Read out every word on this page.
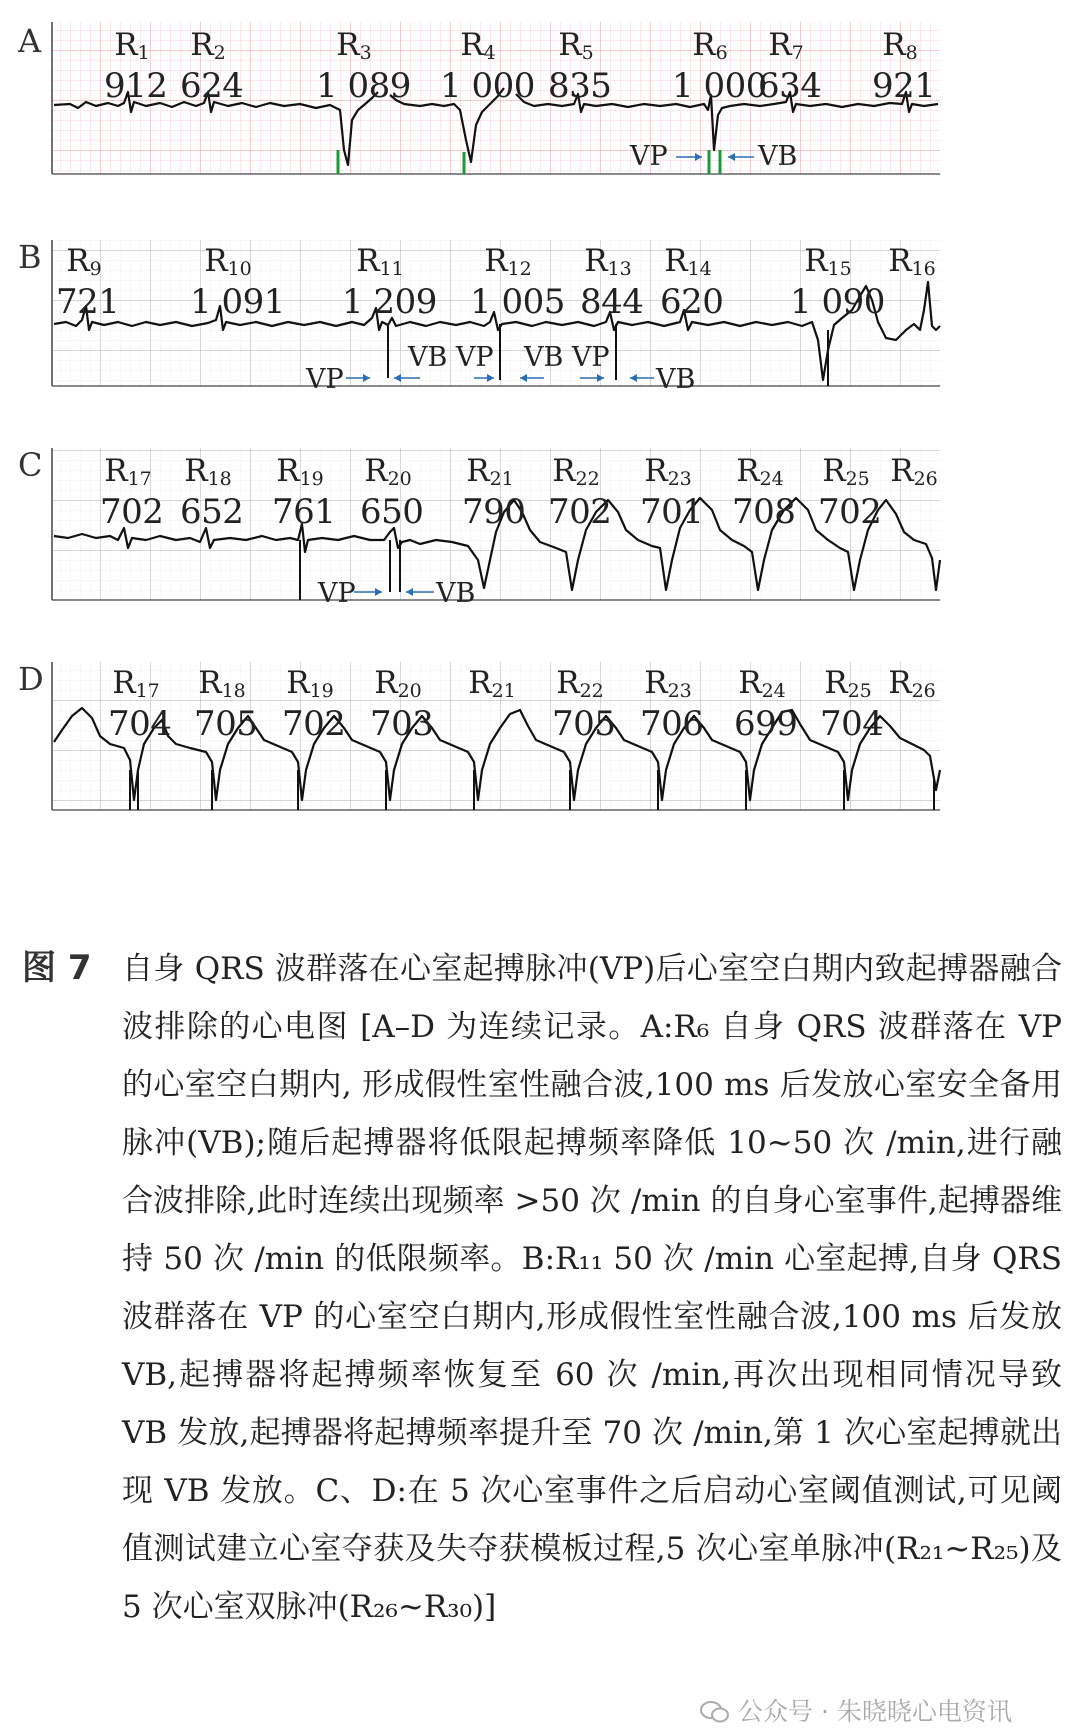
A
B
C
D
$R_1$
912
$R_2$
624
$R_3$
1 089
$R_4$
1 000
$R_5$
835
$R_6$
1 000
$R_7$
634
$R_8$
921
VP	VB
$R_9$
721
$R_{10}$
1 091
$R_{11}$
1 209
$R_{12}$
1 005
$R_{13}$
844
$R_{14}$
620
$R_{15}$
1 090
$R_{16}$
VP
VB VP VB VP
VB
$R_{17}$
702
$R_{18}$
652
$R_{19}$
761
$R_{20}$
650
$R_{21}$
790
$R_{22}$
702
$R_{23}$
701
$R_{24}$
708
$R_{25}$
702
$R_{26}$
VP	VB
$R_{17}$
704
$R_{18}$
705
$R_{19}$
702
$R_{20}$
703
$R_{21}$ $R_{22}$
705
$R_{23}$
706
$R_{24}$
699
$R_{25}$
704
$R_{26}$
图 7 自身 QRS 波群落在心室起搏脉冲(VP)后心室空白期内致起搏器融合波排除的心电图 [A–D 为连续记录。A:R₆ 自身 QRS 波群落在 VP 的心室空白期内, 形成假性室性融合波,100 ms 后发放心室安全备用脉冲(VB);随后起搏器将低限起搏频率降低 10~50 次 /min,进行融合波排除,此时连续出现频率 >50 次 /min 的自身心室事件,起搏器维持 50 次 /min 的低限频率。B:R₁₁ 50 次 /min 心室起搏,自身 QRS 波群落在 VP 的心室空白期内,形成假性室性融合波,100 ms 后发放 VB,起搏器将起搏频率恢复至 60 次 /min,再次出现相同情况导致 VB 发放,起搏器将起搏频率提升至 70 次 /min,第 1 次心室起搏就出现 VB 发放。C、D:在 5 次心室事件之后启动心室阈值测试,可见阈值测试建立心室夺获及失夺获模板过程,5 次心室单脉冲(R₂₁~R₂₅)及 5 次心室双脉冲(R₂₆~R₃₀)]
公众号 · 朱晓晓心电资讯
